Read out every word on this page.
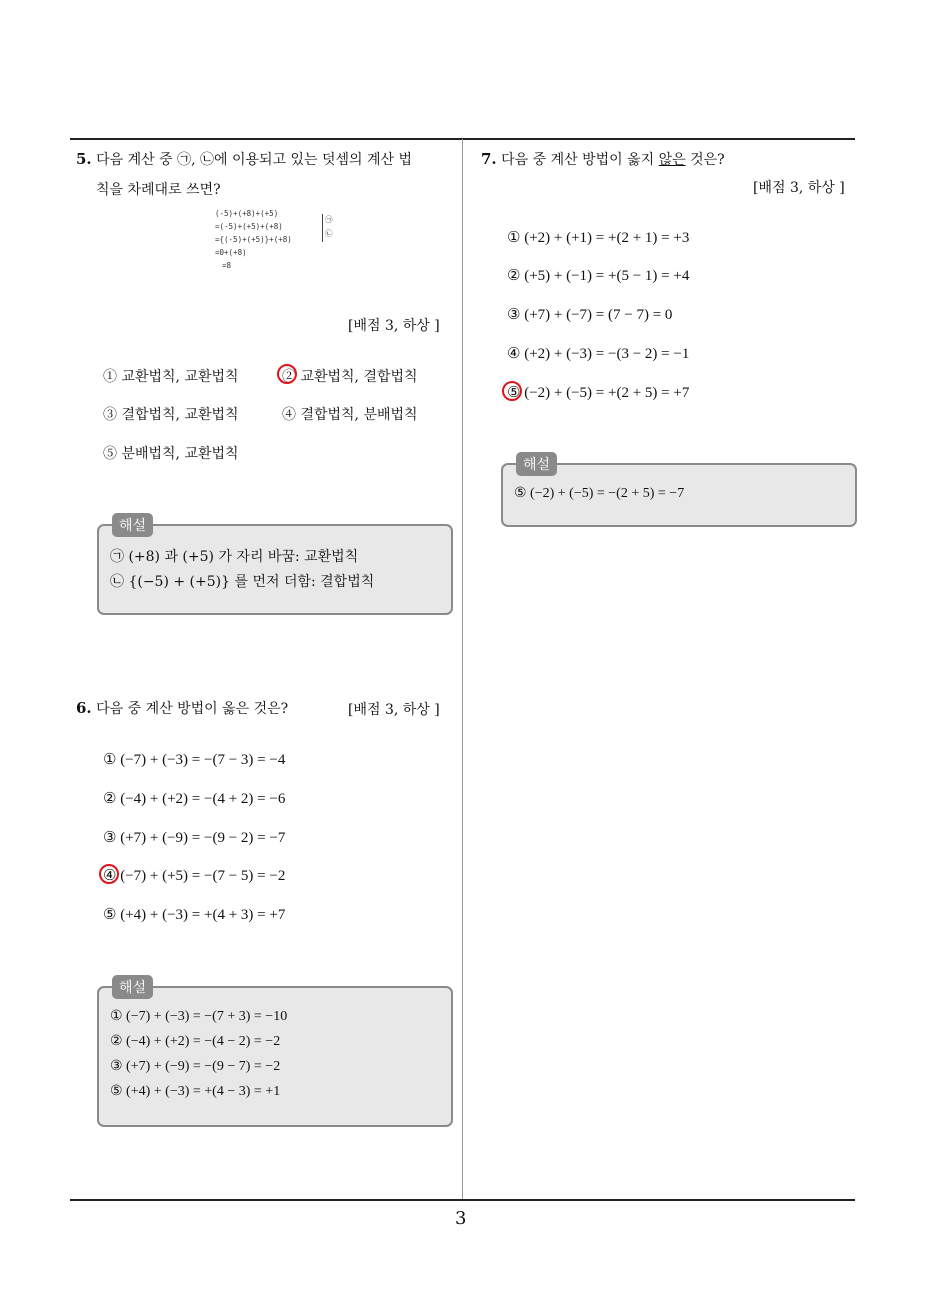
3
5. 다음 계산 중 ㉠, ㉡에 이용되고 있는 덧셈의 계산 법
칙을 차례대로 쓰면?
(-5)+(+8)+(+5)
=(-5)+(+5)+(+8)
={(-5)+(+5)}+(+8)
=0+(+8)
=8
㉠
㉡
[배점 3, 하상 ]
① 교환법칙, 교환법칙	② 교환법칙, 결합법칙
③ 결합법칙, 교환법칙	④ 결합법칙, 분배법칙
⑤ 분배법칙, 교환법칙
해설
㉠ (+8) 과 (+5) 가 자리 바꿈: 교환법칙
㉡ {(−5) + (+5)} 를 먼저 더함: 결합법칙
6. 다음 중 계산 방법이 옳은 것은?	[배점 3, 하상 ]
① (−7) + (−3) = −(7 − 3) = −4
② (−4) + (+2) = −(4 + 2) = −6
③ (+7) + (−9) = −(9 − 2) = −7
④ (−7) + (+5) = −(7 − 5) = −2
⑤ (+4) + (−3) = +(4 + 3) = +7
해설
① (−7) + (−3) = −(7 + 3) = −10
② (−4) + (+2) = −(4 − 2) = −2
③ (+7) + (−9) = −(9 − 7) = −2
⑤ (+4) + (−3) = +(4 − 3) = +1
7. 다음 중 계산 방법이 옳지 않은 것은?
[배점 3, 하상 ]
① (+2) + (+1) = +(2 + 1) = +3
② (+5) + (−1) = +(5 − 1) = +4
③ (+7) + (−7) = (7 − 7) = 0
④ (+2) + (−3) = −(3 − 2) = −1
⑤ (−2) + (−5) = +(2 + 5) = +7
해설
⑤ (−2) + (−5) = −(2 + 5) = −7
